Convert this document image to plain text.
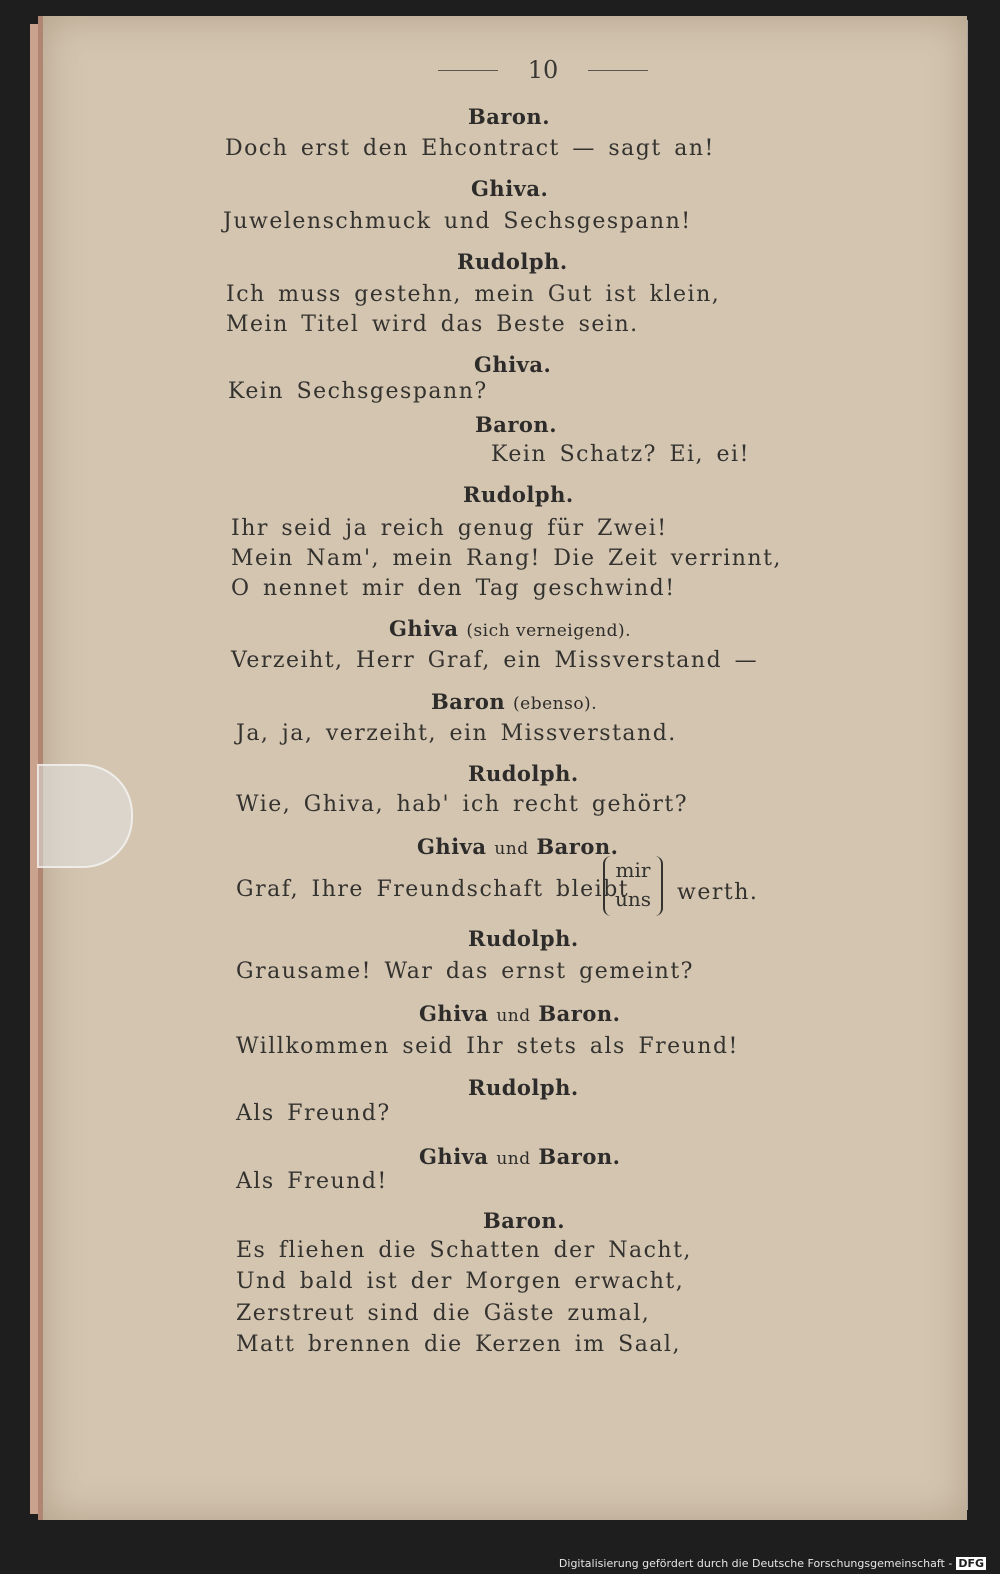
10
Baron.
Doch erst den Ehcontract — sagt an!
Ghiva.
Juwelenschmuck und Sechsgespann!
Rudolph.
Ich muss gestehn, mein Gut ist klein,
Mein Titel wird das Beste sein.
Ghiva.
Kein Sechsgespann?
Baron.
Kein Schatz? Ei, ei!
Rudolph.
Ihr seid ja reich genug für Zwei!
Mein Nam', mein Rang! Die Zeit verrinnt,
O nennet mir den Tag geschwind!
Ghiva (sich verneigend).
Verzeiht, Herr Graf, ein Missverstand —
Baron (ebenso).
Ja, ja, verzeiht, ein Missverstand.
Rudolph.
Wie, Ghiva, hab' ich recht gehört?
Ghiva und Baron.
Graf, Ihre Freundschaft bleibt
mir
uns	werth.
Rudolph.
Grausame! War das ernst gemeint?
Ghiva und Baron.
Willkommen seid Ihr stets als Freund!
Rudolph.
Als Freund?
Ghiva und Baron.
Als Freund!
Baron.
Es fliehen die Schatten der Nacht,
Und bald ist der Morgen erwacht,
Zerstreut sind die Gäste zumal,
Matt brennen die Kerzen im Saal,
Digitalisierung gefördert durch die Deutsche Forschungsgemeinschaft - DFG
